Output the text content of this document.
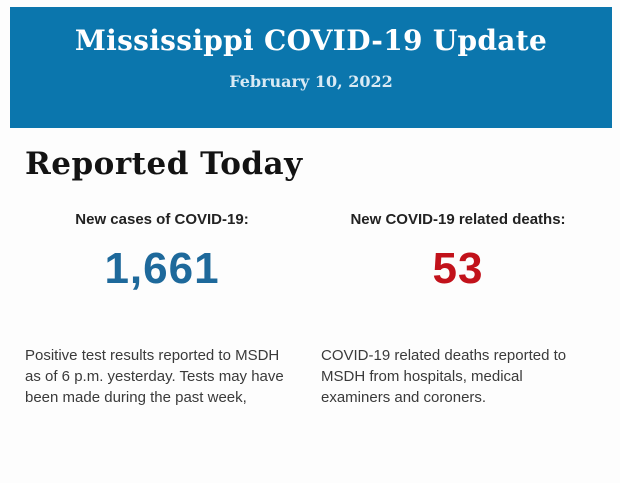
Mississippi COVID-19 Update
February 10, 2022
Reported Today
New cases of COVID-19:
1,661

Positive test results reported to MSDH as of 6 p.m. yesterday. Tests may have been made during the past week,

New COVID-19 related deaths:
53

COVID-19 related deaths reported to MSDH from hospitals, medical examiners and coroners.
